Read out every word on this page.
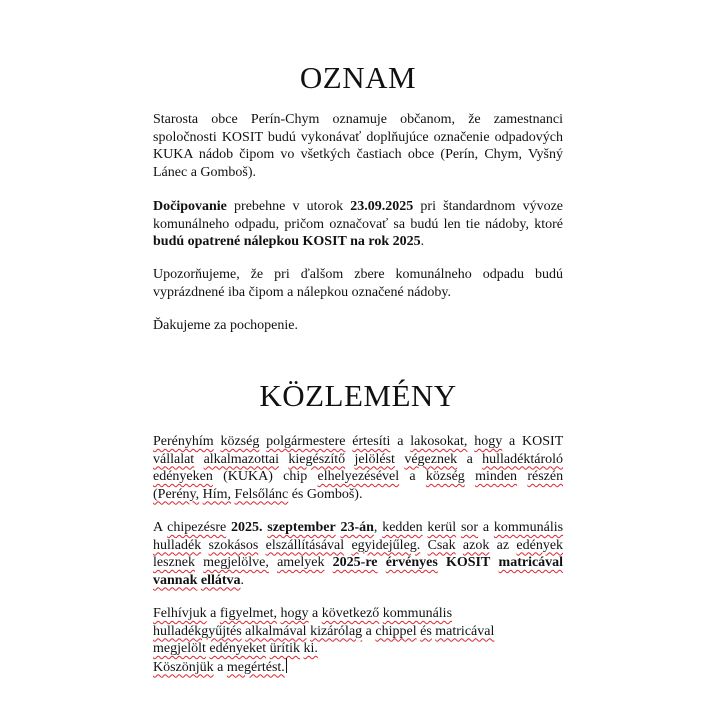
OZNAM

Starosta obce Perín-Chym oznamuje občanom, že zamestnanci spoločnosti KOSIT budú vykonávať doplňujúce označenie odpadových KUKA nádob čipom vo všetkých častiach obce (Perín, Chym, Vyšný Lánec a Gomboš).

Dočipovanie prebehne v utorok 23.09.2025 pri štandardnom vývoze komunálneho odpadu, pričom označovať sa budú len tie nádoby, ktoré budú opatrené nálepkou KOSIT na rok 2025.

Upozorňujeme, že pri ďalšom zbere komunálneho odpadu budú vyprázdnené iba čipom a nálepkou označené nádoby.

Ďakujeme za pochopenie.

KÖZLEMÉNY

Perényhím község polgármestere értesíti a lakosokat, hogy a KOSIT vállalat alkalmazottai kiegészítő jelölést végeznek a hulladéktároló edényeken (KUKA) chip elhelyezésével a község minden részén (Perény, Hím, Felsőlánc és Gomboš).

A chipezésre 2025. szeptember 23-án, kedden kerül sor a kommunális hulladék szokásos elszállításával egyidejűleg. Csak azok az edények lesznek megjelölve, amelyek 2025-re érvényes KOSIT matricával vannak ellátva.

Felhívjuk a figyelmet, hogy a következő kommunális
hulladékgyűjtés alkalmával kizárólag a chippel és matricával
megjelölt edényeket ürítik ki.
Köszönjük a megértést.
